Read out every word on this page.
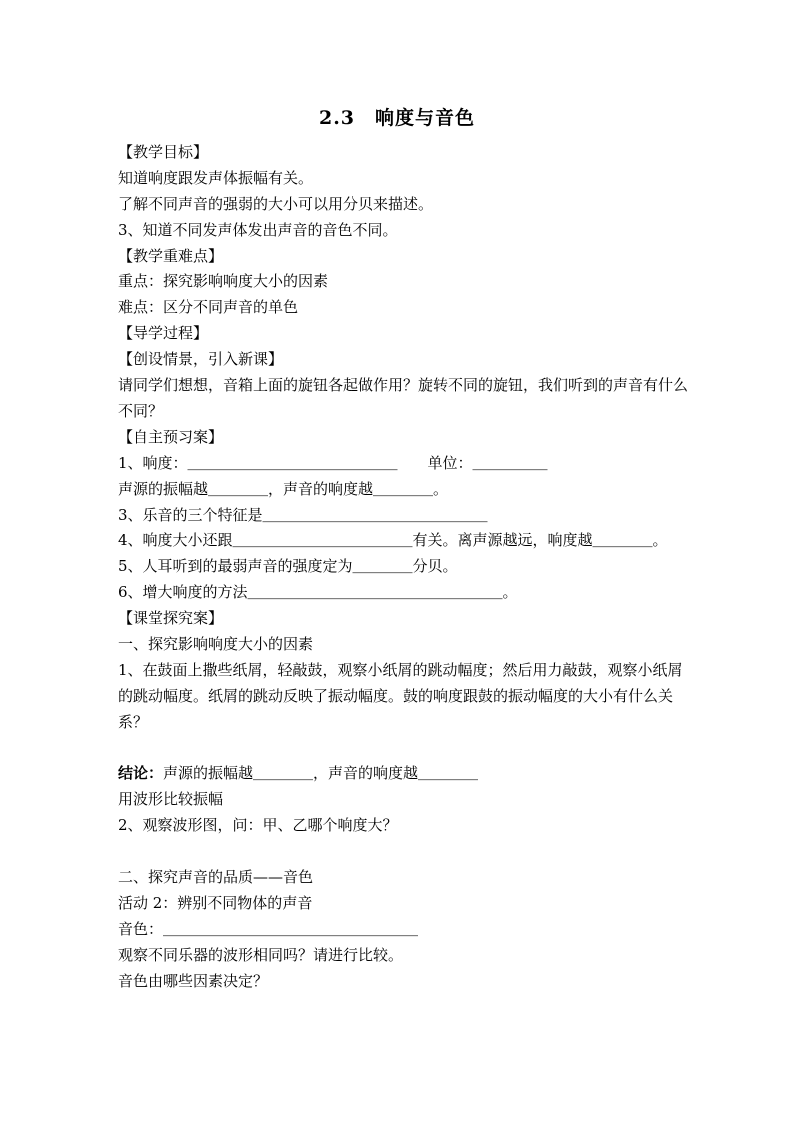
2.3　响度与音色
【教学目标】
知道响度跟发声体振幅有关。
了解不同声音的强弱的大小可以用分贝来描述。
3、知道不同发声体发出声音的音色不同。
【教学重难点】
重点：探究影响响度大小的因素
难点：区分不同声音的单色
【导学过程】
【创设情景，引入新课】
请同学们想想，音箱上面的旋钮各起做作用？旋转不同的旋钮，我们听到的声音有什么不同？
【自主预习案】
1、响度：＿＿＿＿＿＿＿＿＿＿＿＿＿＿　　单位：＿＿＿＿＿
声源的振幅越＿＿＿＿，声音的响度越＿＿＿＿。
3、乐音的三个特征是＿＿＿＿＿＿＿＿＿＿＿＿＿＿＿
4、响度大小还跟＿＿＿＿＿＿＿＿＿＿＿＿有关。离声源越远，响度越＿＿＿＿。
5、人耳听到的最弱声音的强度定为＿＿＿＿分贝。
6、增大响度的方法＿＿＿＿＿＿＿＿＿＿＿＿＿＿＿＿＿。
【课堂探究案】
一、探究影响响度大小的因素
1、在鼓面上撒些纸屑，轻敲鼓，观察小纸屑的跳动幅度；然后用力敲鼓，观察小纸屑的跳动幅度。纸屑的跳动反映了振动幅度。鼓的响度跟鼓的振动幅度的大小有什么关系？
结论：声源的振幅越＿＿＿＿，声音的响度越＿＿＿＿
用波形比较振幅
2、观察波形图，问：甲、乙哪个响度大？
二、探究声音的品质——音色
活动 2：辨别不同物体的声音
音色：＿＿＿＿＿＿＿＿＿＿＿＿＿＿＿＿＿
观察不同乐器的波形相同吗？请进行比较。
音色由哪些因素决定？
